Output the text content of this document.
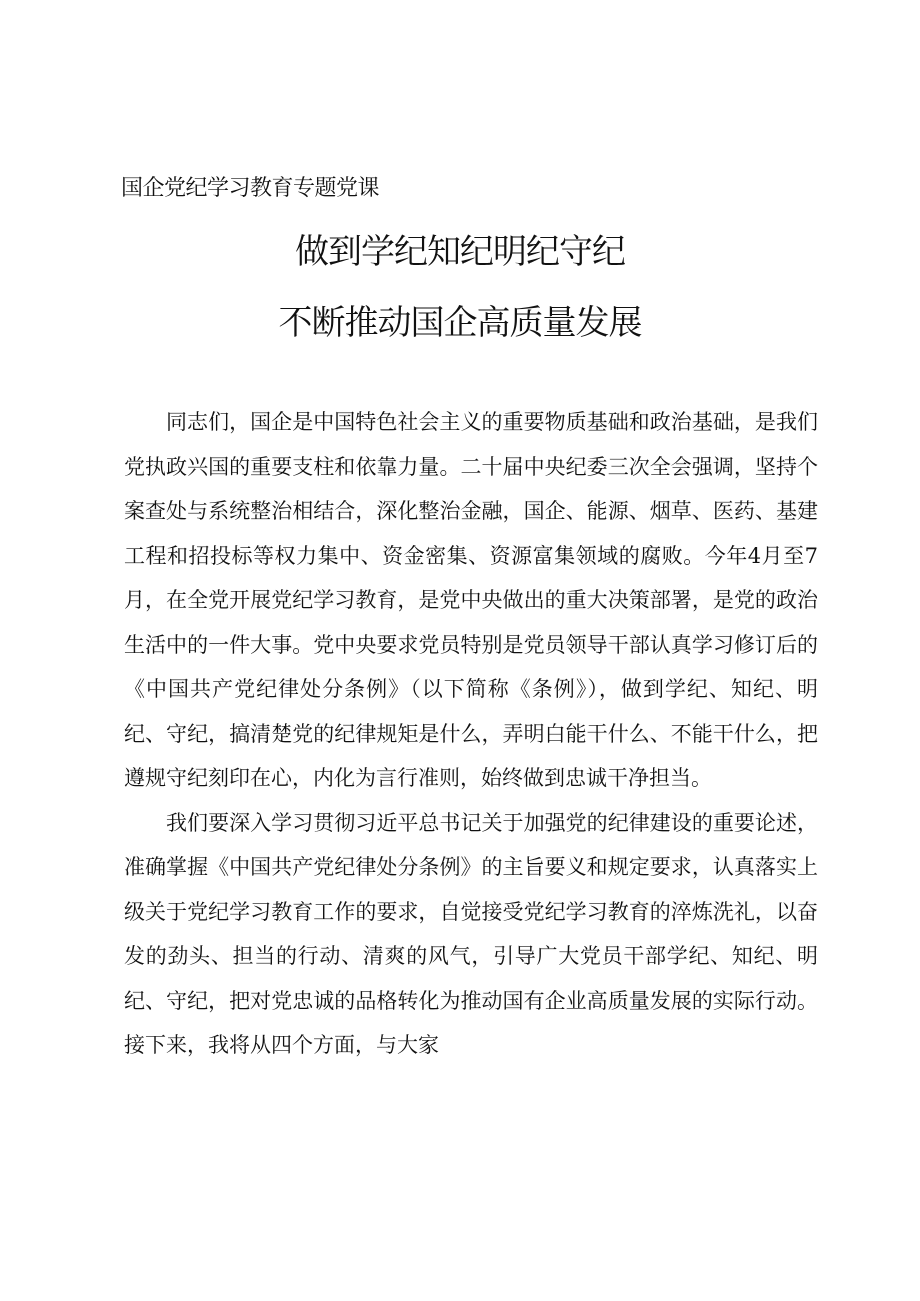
国企党纪学习教育专题党课
做到学纪知纪明纪守纪
不断推动国企高质量发展

同志们，国企是中国特色社会主义的重要物质基础和政治基础，是我们党执政兴国的重要支柱和依靠力量。二十届中央纪委三次全会强调，坚持个案查处与系统整治相结合，深化整治金融，国企、能源、烟草、医药、基建工程和招投标等权力集中、资金密集、资源富集领域的腐败。今年4月至7月，在全党开展党纪学习教育，是党中央做出的重大决策部署，是党的政治生活中的一件大事。党中央要求党员特别是党员领导干部认真学习修订后的《中国共产党纪律处分条例》（以下简称《条例》），做到学纪、知纪、明纪、守纪，搞清楚党的纪律规矩是什么，弄明白能干什么、不能干什么，把遵规守纪刻印在心，内化为言行准则，始终做到忠诚干净担当。

我们要深入学习贯彻习近平总书记关于加强党的纪律建设的重要论述，准确掌握《中国共产党纪律处分条例》的主旨要义和规定要求，认真落实上级关于党纪学习教育工作的要求，自觉接受党纪学习教育的淬炼洗礼，以奋发的劲头、担当的行动、清爽的风气，引导广大党员干部学纪、知纪、明纪、守纪，把对党忠诚的品格转化为推动国有企业高质量发展的实际行动。接下来，我将从四个方面，与大家
